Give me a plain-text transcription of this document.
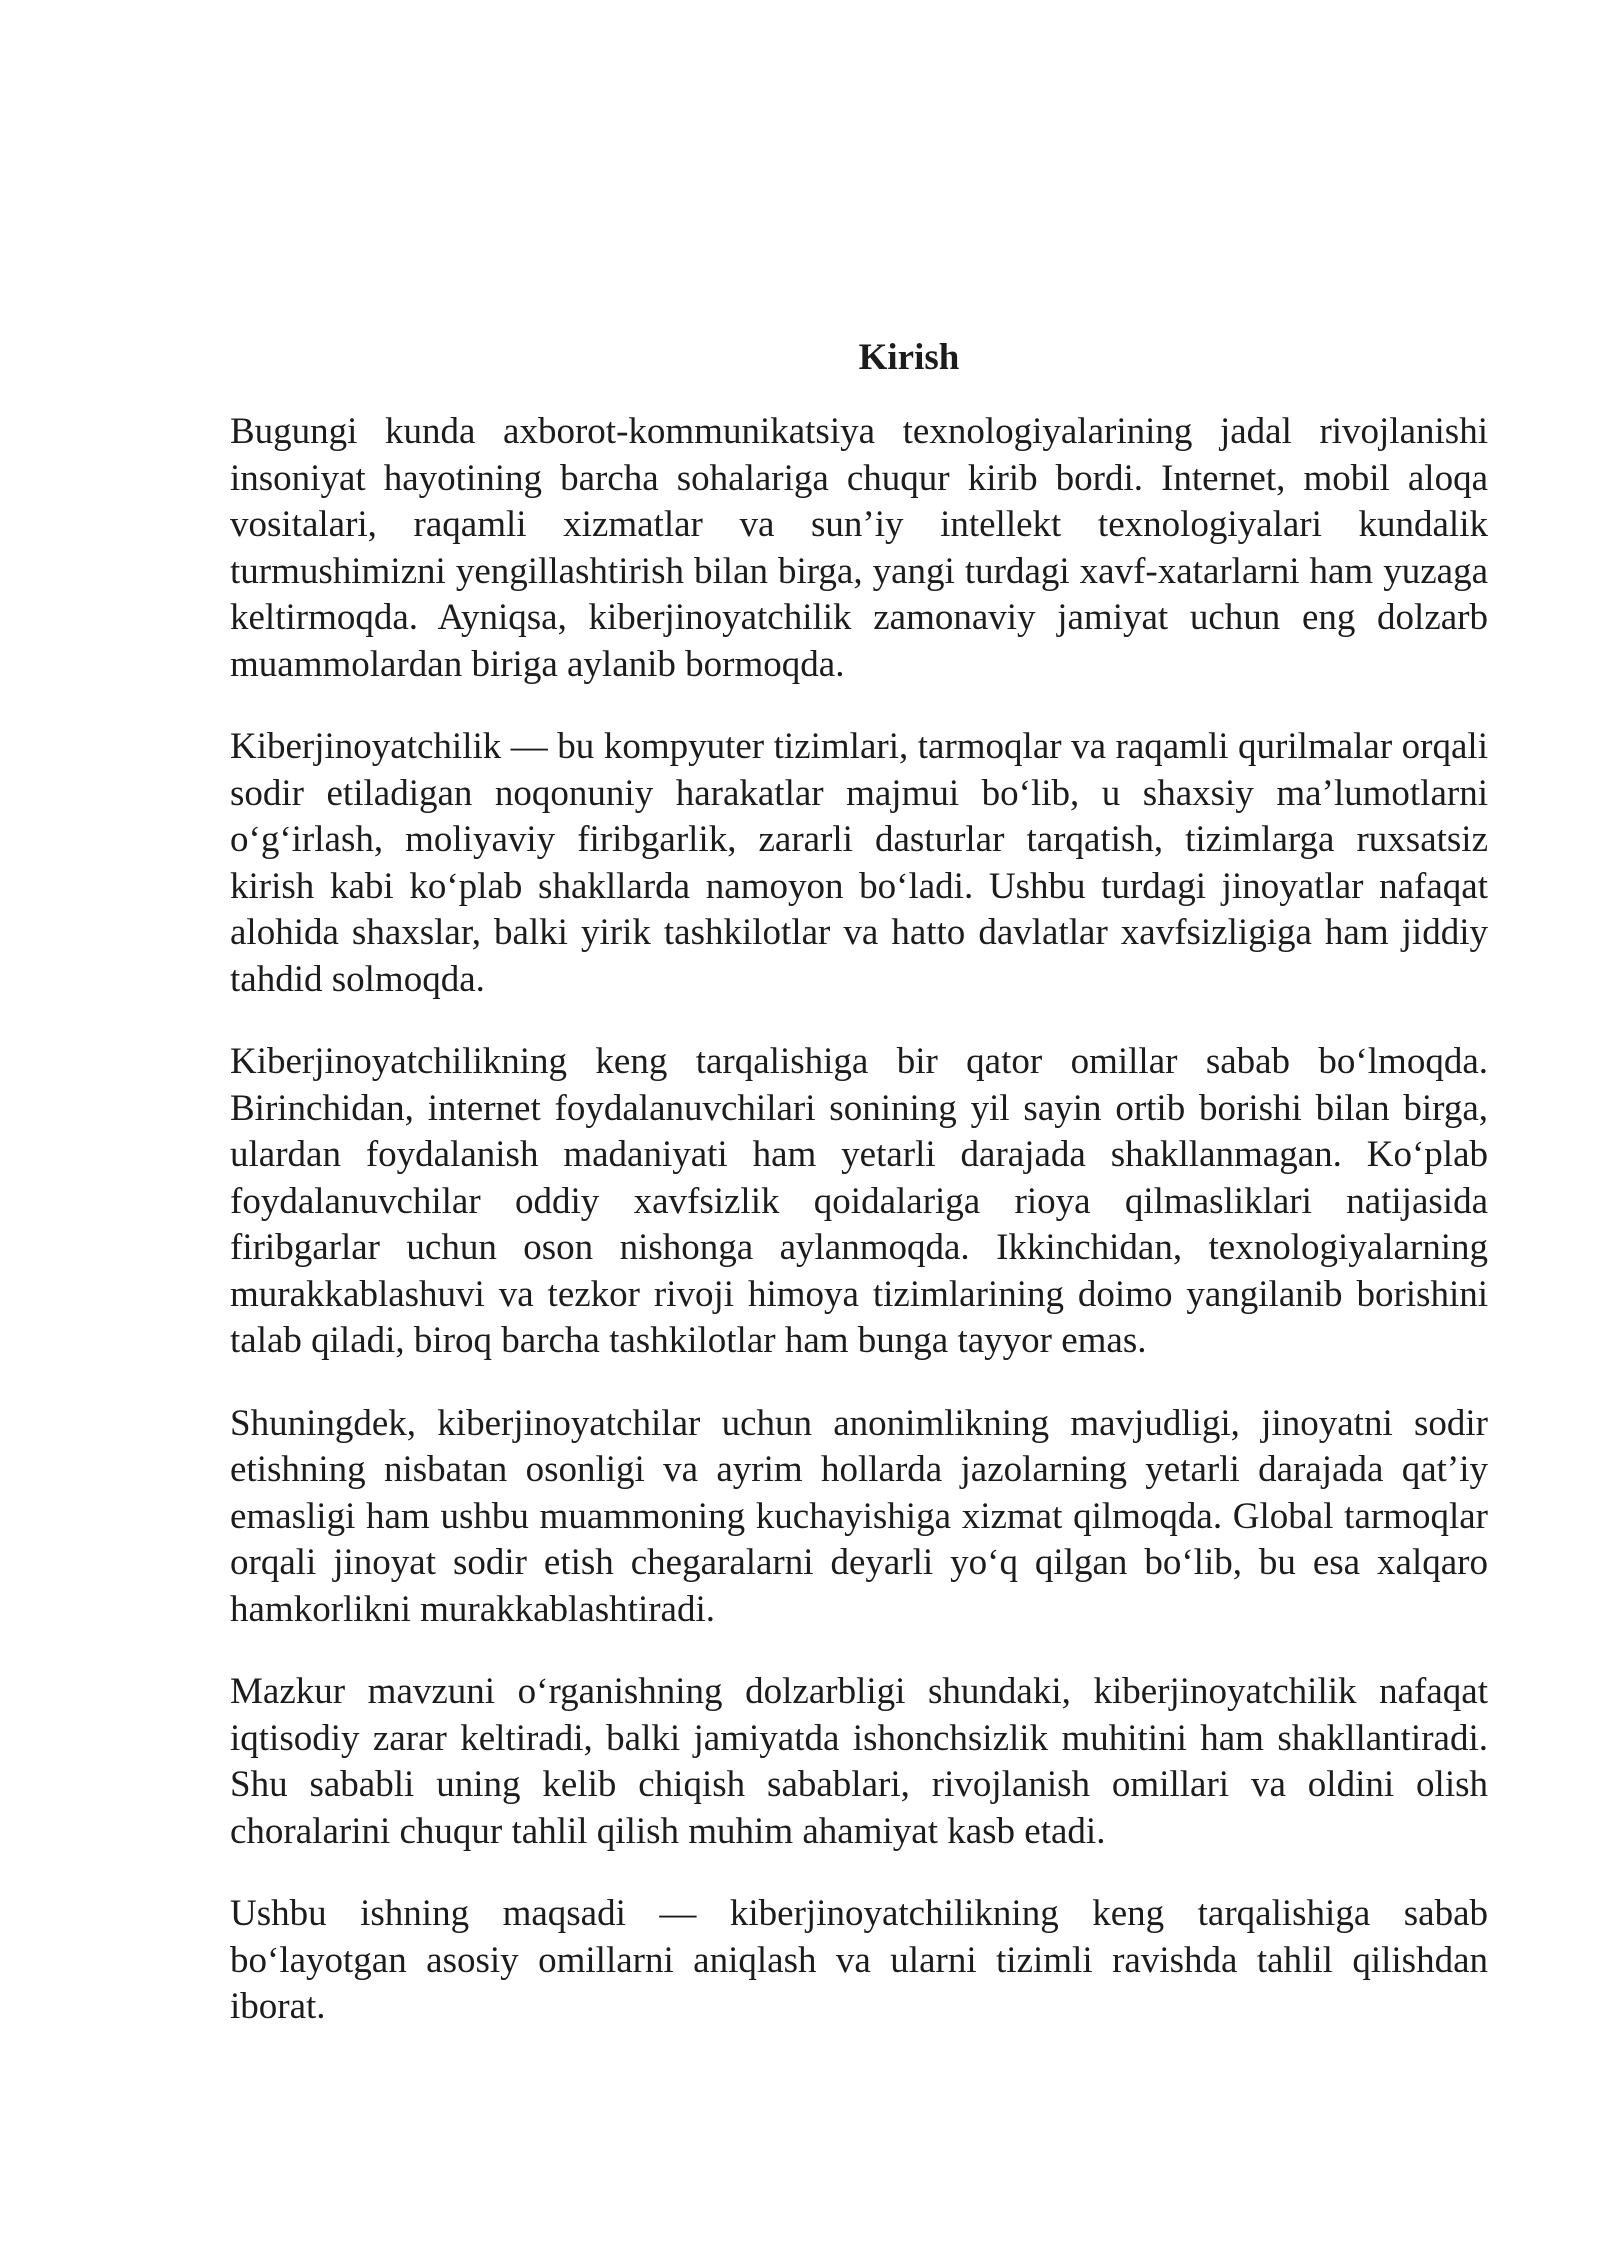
Kirish

Bugungi kunda axborot-kommunikatsiya texnologiyalarining jadal rivojlanishi insoniyat hayotining barcha sohalariga chuqur kirib bordi. Internet, mobil aloqa vositalari, raqamli xizmatlar va sun’iy intellekt texnologiyalari kundalik turmushimizni yengillashtirish bilan birga, yangi turdagi xavf-xatarlarni ham yuzaga keltirmoqda. Ayniqsa, kiberjinoyatchilik zamonaviy jamiyat uchun eng dolzarb muammolardan biriga aylanib bormoqda.

Kiberjinoyatchilik — bu kompyuter tizimlari, tarmoqlar va raqamli qurilmalar orqali sodir etiladigan noqonuniy harakatlar majmui bo‘lib, u shaxsiy ma’lumotlarni o‘g‘irlash, moliyaviy firibgarlik, zararli dasturlar tarqatish, tizimlarga ruxsatsiz kirish kabi ko‘plab shakllarda namoyon bo‘ladi. Ushbu turdagi jinoyatlar nafaqat alohida shaxslar, balki yirik tashkilotlar va hatto davlatlar xavfsizligiga ham jiddiy tahdid solmoqda.

Kiberjinoyatchilikning keng tarqalishiga bir qator omillar sabab bo‘lmoqda. Birinchidan, internet foydalanuvchilari sonining yil sayin ortib borishi bilan birga, ulardan foydalanish madaniyati ham yetarli darajada shakllanmagan. Ko‘plab foydalanuvchilar oddiy xavfsizlik qoidalariga rioya qilmasliklari natijasida firibgarlar uchun oson nishonga aylanmoqda. Ikkinchidan, texnologiyalarning murakkablashuvi va tezkor rivoji himoya tizimlarining doimo yangilanib borishini talab qiladi, biroq barcha tashkilotlar ham bunga tayyor emas.

Shuningdek, kiberjinoyatchilar uchun anonimlikning mavjudligi, jinoyatni sodir etishning nisbatan osonligi va ayrim hollarda jazolarning yetarli darajada qat’iy emasligi ham ushbu muammoning kuchayishiga xizmat qilmoqda. Global tarmoqlar orqali jinoyat sodir etish chegaralarni deyarli yo‘q qilgan bo‘lib, bu esa xalqaro hamkorlikni murakkablashtiradi.

Mazkur mavzuni o‘rganishning dolzarbligi shundaki, kiberjinoyatchilik nafaqat iqtisodiy zarar keltiradi, balki jamiyatda ishonchsizlik muhitini ham shakllantiradi. Shu sababli uning kelib chiqish sabablari, rivojlanish omillari va oldini olish choralarini chuqur tahlil qilish muhim ahamiyat kasb etadi.

Ushbu ishning maqsadi — kiberjinoyatchilikning keng tarqalishiga sabab bo‘layotgan asosiy omillarni aniqlash va ularni tizimli ravishda tahlil qilishdan iborat.
